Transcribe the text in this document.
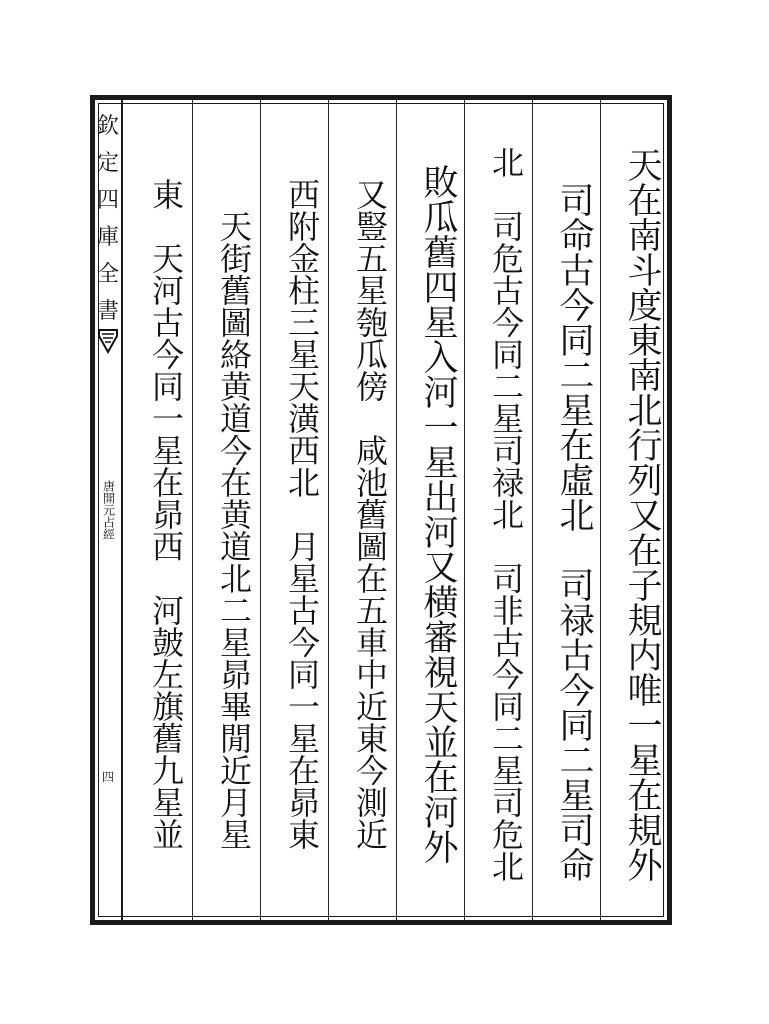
欽定四庫全書
唐開元占經
四	天在南斗度東南北行列又在子規内唯一星在規外
　司命古今同二星在虛北　司禄古今同二星司命
北　司危古今同二星司禄北　司非古今同二星司危北
敗瓜舊四星入河一星出河又横審視天並在河外
又豎五星匏瓜傍　咸池舊圖在五車中近東今測近
西附金柱三星天潢西北　月星古今同一星在昴東
　天街舊圖絡黄道今在黄道北二星昴畢閒近月星
東　天河古今同一星在昴西　河皷左旗舊九星並
